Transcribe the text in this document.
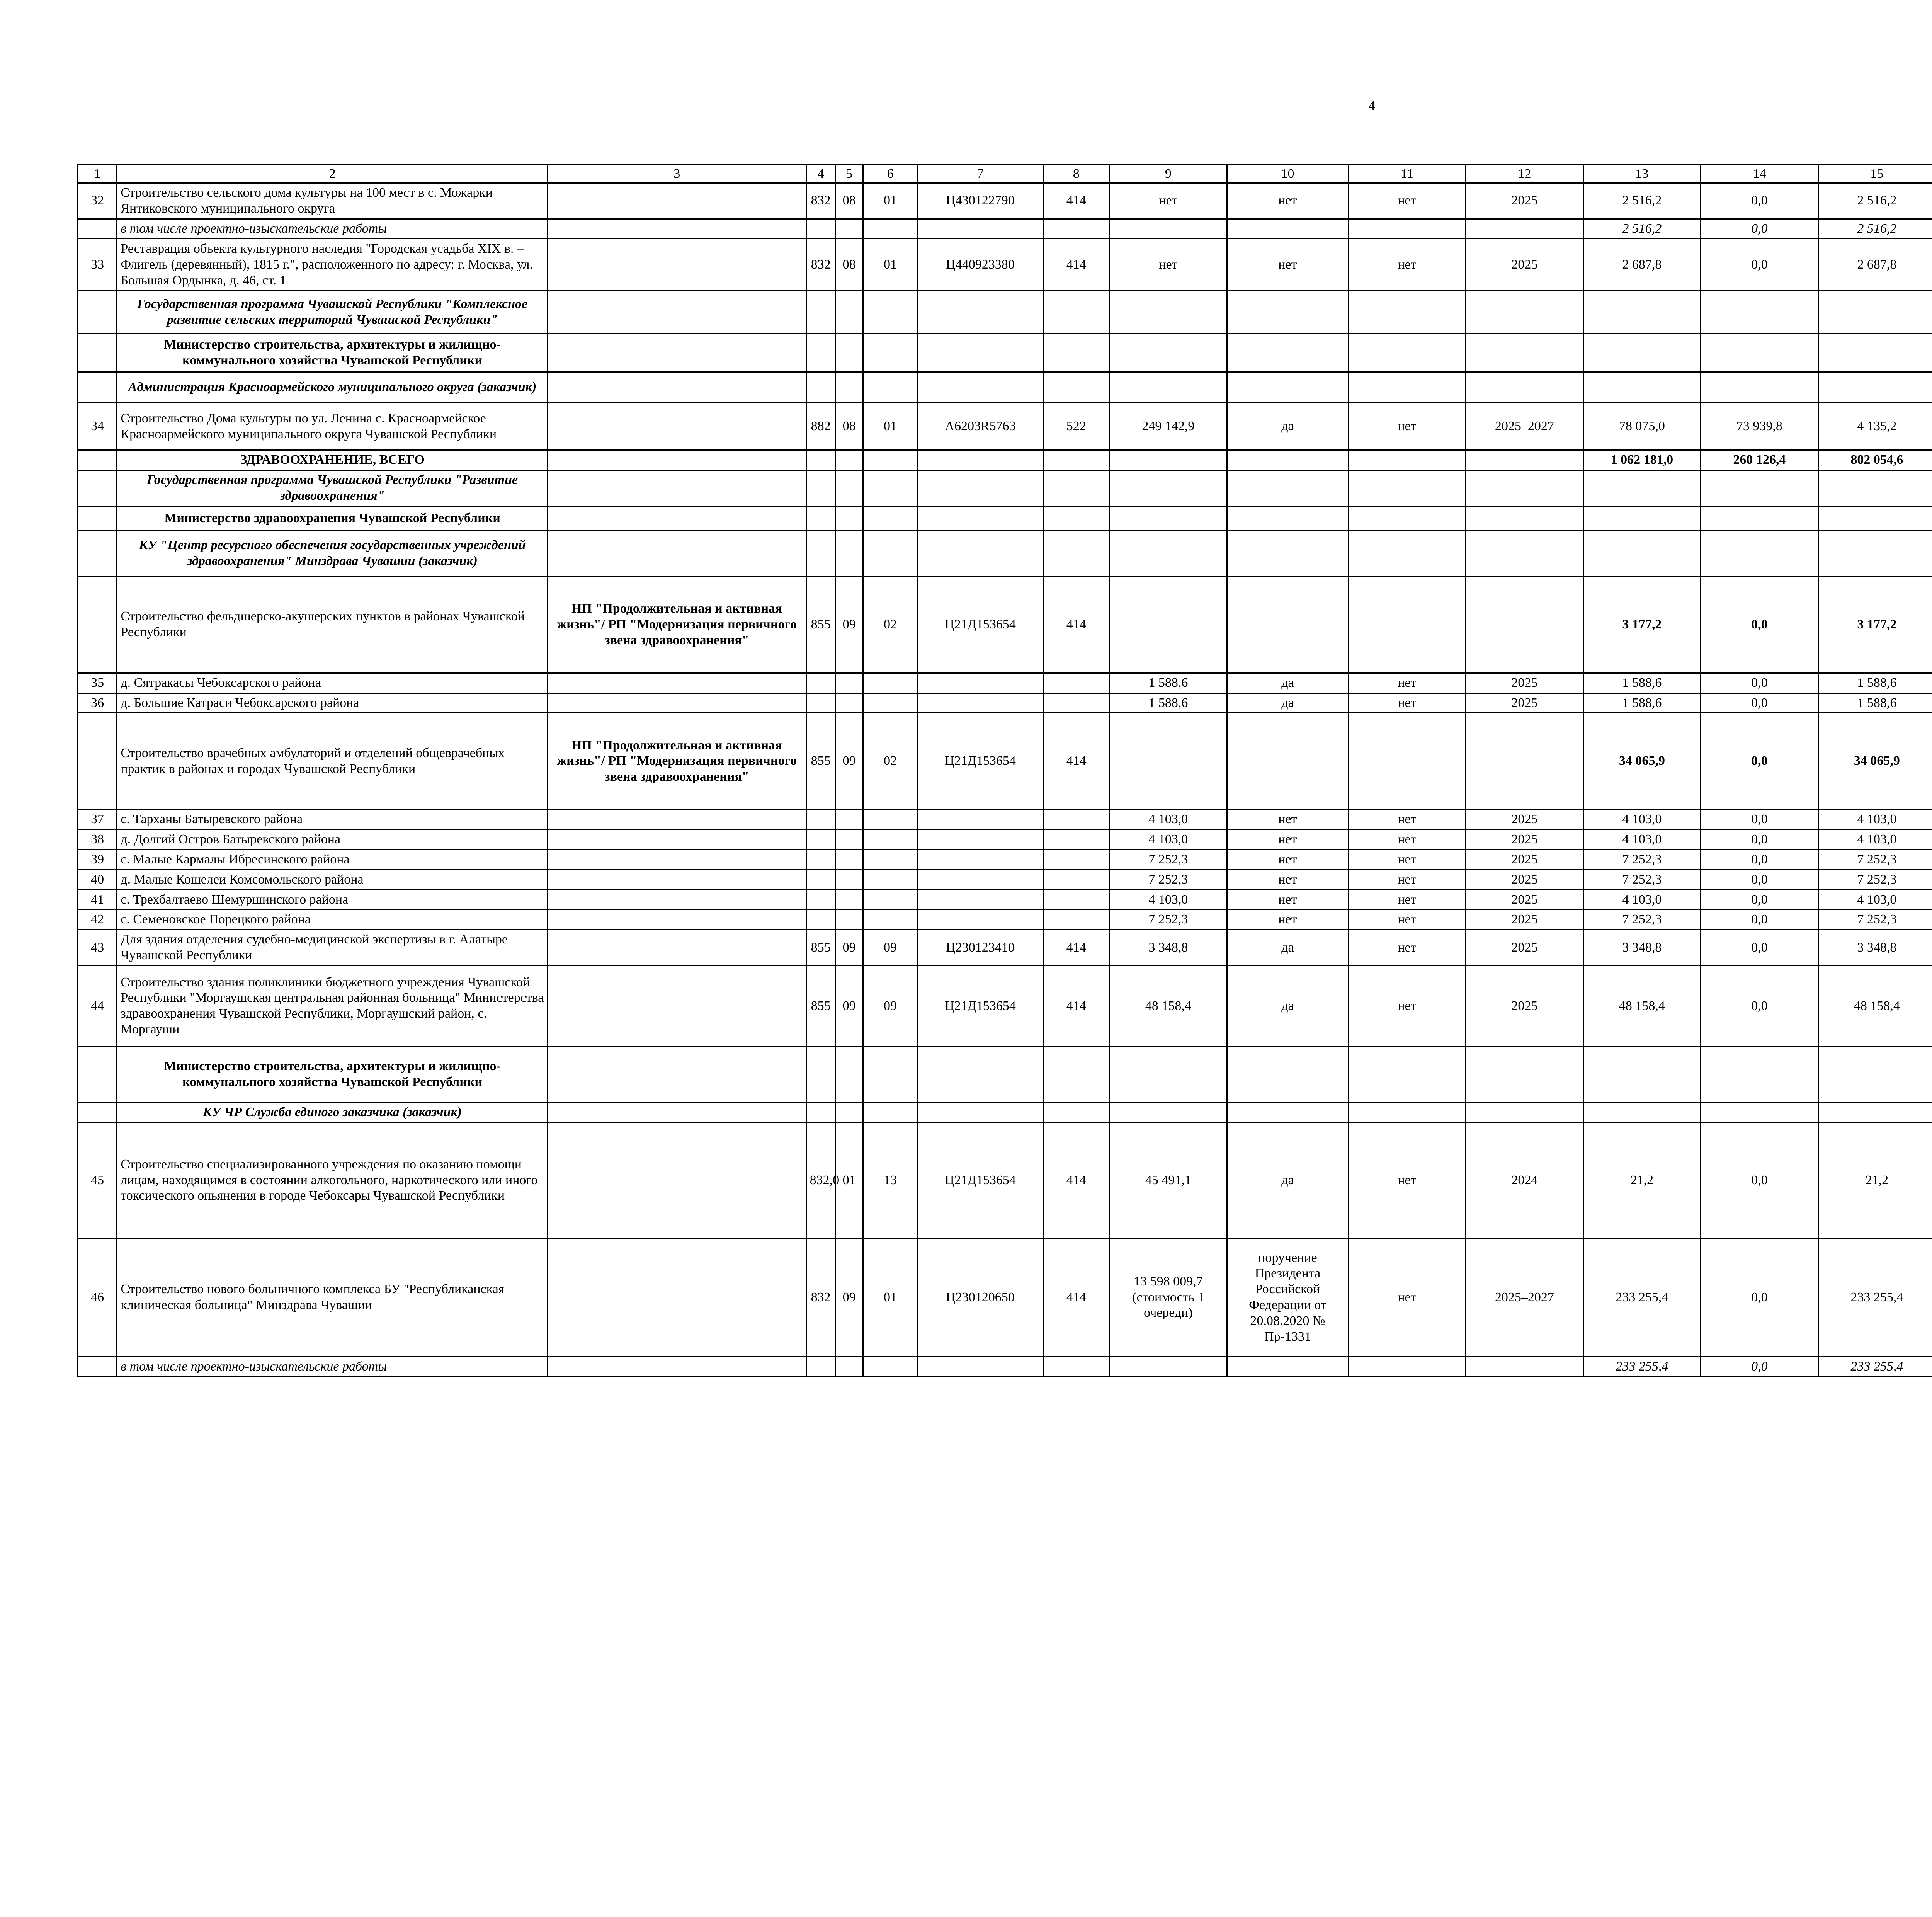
4
1	2	3	4	5	6	7	8	9	10	11	12	13	14	15						
32	Строительство сельского дома культуры на 100 мест в с. Можарки Янтиковского муниципального округа		832	08	01	Ц430122790	414	нет	нет	нет	2025	2 516,2	0,0	2 516,2						
	в том числе проектно-изыскательские работы											2 516,2	0,0	2 516,2						
33	Реставрация объекта культурного наследия "Городская усадьба XIX в. – Флигель (деревянный), 1815 г.", расположенного по адресу: г. Москва, ул. Большая Ордынка, д. 46, ст. 1		832	08	01	Ц440923380	414	нет	нет	нет	2025	2 687,8	0,0	2 687,8						
	Государственная программа Чувашской Республики "Комплексное развитие сельских территорий Чувашской Республики"																			
	Министерство строительства, архитектуры и жилищно-коммунального хозяйства Чувашской Республики																			
	Администрация Красноармейского муниципального округа (заказчик)																			
34	Строительство Дома культуры по ул. Ленина с. Красноармейское Красноармейского муниципального округа Чувашской Республики		882	08	01	A6203R5763	522	249 142,9	да	нет	2025–2027	78 075,0	73 939,8	4 135,2						
	ЗДРАВООХРАНЕНИЕ, ВСЕГО											1 062 181,0	260 126,4	802 054,6						
	Государственная программа Чувашской Республики "Развитие здравоохранения"																			
	Министерство здравоохранения Чувашской Республики																			
	КУ "Центр ресурсного обеспечения государственных учреждений здравоохранения" Минздрава Чувашии (заказчик)																			
	Строительство фельдшерско-акушерских пунктов в районах Чувашской Республики	НП "Продолжительная и активная жизнь"/ РП "Модернизация первичного звена здравоохранения"	855	09	02	Ц21Д153654	414					3 177,2	0,0	3 177,2						
35	д. Сятракасы Чебоксарского района							1 588,6	да	нет	2025	1 588,6	0,0	1 588,6						
36	д. Большие Катраси Чебоксарского района							1 588,6	да	нет	2025	1 588,6	0,0	1 588,6						
	Строительство врачебных амбулаторий и отделений общеврачебных практик в районах и городах Чувашской Республики	НП "Продолжительная и активная жизнь"/ РП "Модернизация первичного звена здравоохранения"	855	09	02	Ц21Д153654	414					34 065,9	0,0	34 065,9						
37	с. Тарханы Батыревского района							4 103,0	нет	нет	2025	4 103,0	0,0	4 103,0						
38	д. Долгий Остров Батыревского района							4 103,0	нет	нет	2025	4 103,0	0,0	4 103,0						
39	с. Малые Кармалы Ибресинского района							7 252,3	нет	нет	2025	7 252,3	0,0	7 252,3						
40	д. Малые Кошелеи Комсомольского района							7 252,3	нет	нет	2025	7 252,3	0,0	7 252,3						
41	с. Трехбалтаево Шемуршинского района							4 103,0	нет	нет	2025	4 103,0	0,0	4 103,0						
42	с. Семеновское Порецкого района							7 252,3	нет	нет	2025	7 252,3	0,0	7 252,3						
43	Для здания отделения судебно-медицинской экспертизы в г. Алатыре Чувашской Республики		855	09	09	Ц230123410	414	3 348,8	да	нет	2025	3 348,8	0,0	3 348,8						
44	Строительство здания поликлиники бюджетного учреждения Чувашской Республики "Моргаушская центральная районная больница" Министерства здравоохранения Чувашской Республики, Моргаушский район, с. Моргауши		855	09	09	Ц21Д153654	414	48 158,4	да	нет	2025	48 158,4	0,0	48 158,4						
	Министерство строительства, архитектуры и жилищно-коммунального хозяйства Чувашской Республики																			
	КУ ЧР Служба единого заказчика (заказчик)																			
45	Строительство специализированного учреждения по оказанию помощи лицам, находящимся в состоянии алкогольного, наркотического или иного токсического опьянения в городе Чебоксары Чувашской Республики		832,0	01	13	Ц21Д153654	414	45 491,1	да	нет	2024	21,2	0,0	21,2						
46	Строительство нового больничного комплекса БУ "Республиканская клиническая больница" Минздрава Чувашии		832	09	01	Ц230120650	414	13 598 009,7 (стоимость 1 очереди)	поручение Президента Российской Федерации от 20.08.2020 № Пр-1331	нет	2025–2027	233 255,4	0,0	233 255,4						
	в том числе проектно-изыскательские работы											233 255,4	0,0	233 255,4						
